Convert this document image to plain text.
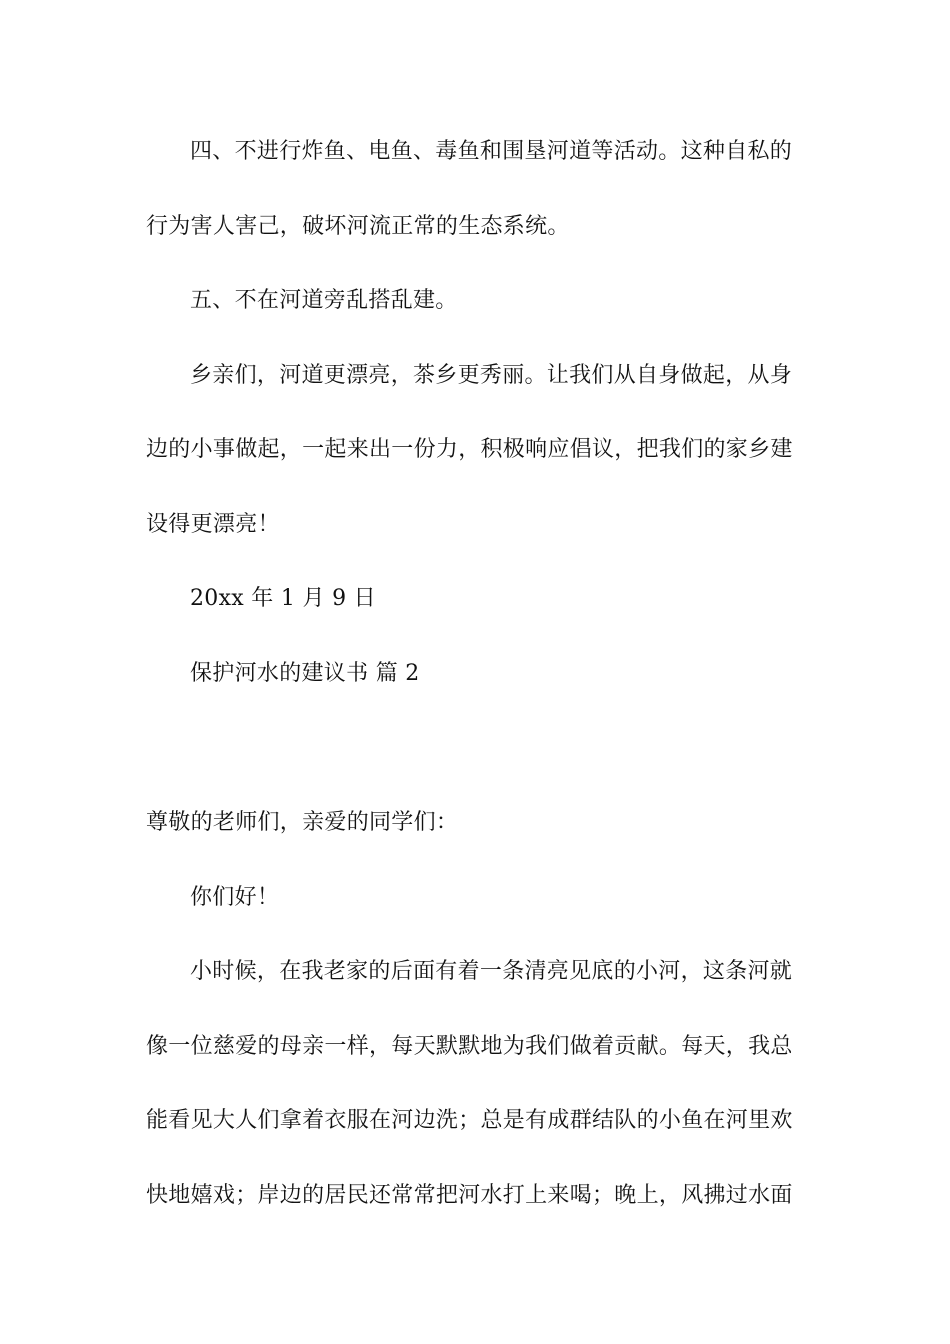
四、不进行炸鱼、电鱼、毒鱼和围垦河道等活动。这种自私的
行为害人害己，破坏河流正常的生态系统。
五、不在河道旁乱搭乱建。
乡亲们，河道更漂亮，茶乡更秀丽。让我们从自身做起，从身
边的小事做起，一起来出一份力，积极响应倡议，把我们的家乡建
设得更漂亮！
20xx 年 1 月 9 日
保护河水的建议书 篇 2
尊敬的老师们，亲爱的同学们：
你们好！
小时候，在我老家的后面有着一条清亮见底的小河，这条河就
像一位慈爱的母亲一样，每天默默地为我们做着贡献。每天，我总
能看见大人们拿着衣服在河边洗；总是有成群结队的小鱼在河里欢
快地嬉戏；岸边的居民还常常把河水打上来喝；晚上，风拂过水面
